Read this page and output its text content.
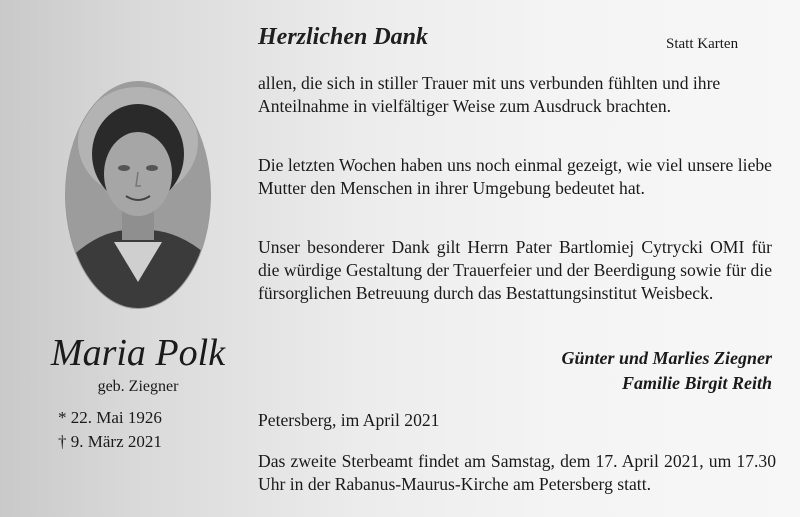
Maria Polk
geb. Ziegner
* 22. Mai 1926
† 9. März 2021
Herzlichen Dank	Statt Karten

allen, die sich in stiller Trauer mit uns verbunden fühlten und ihre Anteilnahme in vielfältiger Weise zum Ausdruck brachten.

Die letzten Wochen haben uns noch einmal gezeigt, wie viel unsere liebe Mutter den Menschen in ihrer Umgebung bedeutet hat.

Unser besonderer Dank gilt Herrn Pater Bartlomiej Cytrycki OMI für die würdige Gestaltung der Trauerfeier und der Beerdigung sowie für die fürsorglichen Betreuung durch das Bestattungsinstitut Weisbeck.

Günter und Marlies Ziegner
Familie Birgit Reith
Petersberg, im April 2021

Das zweite Sterbeamt findet am Samstag, dem 17. April 2021, um 17.30 Uhr in der Rabanus-Maurus-Kirche am Petersberg statt.
